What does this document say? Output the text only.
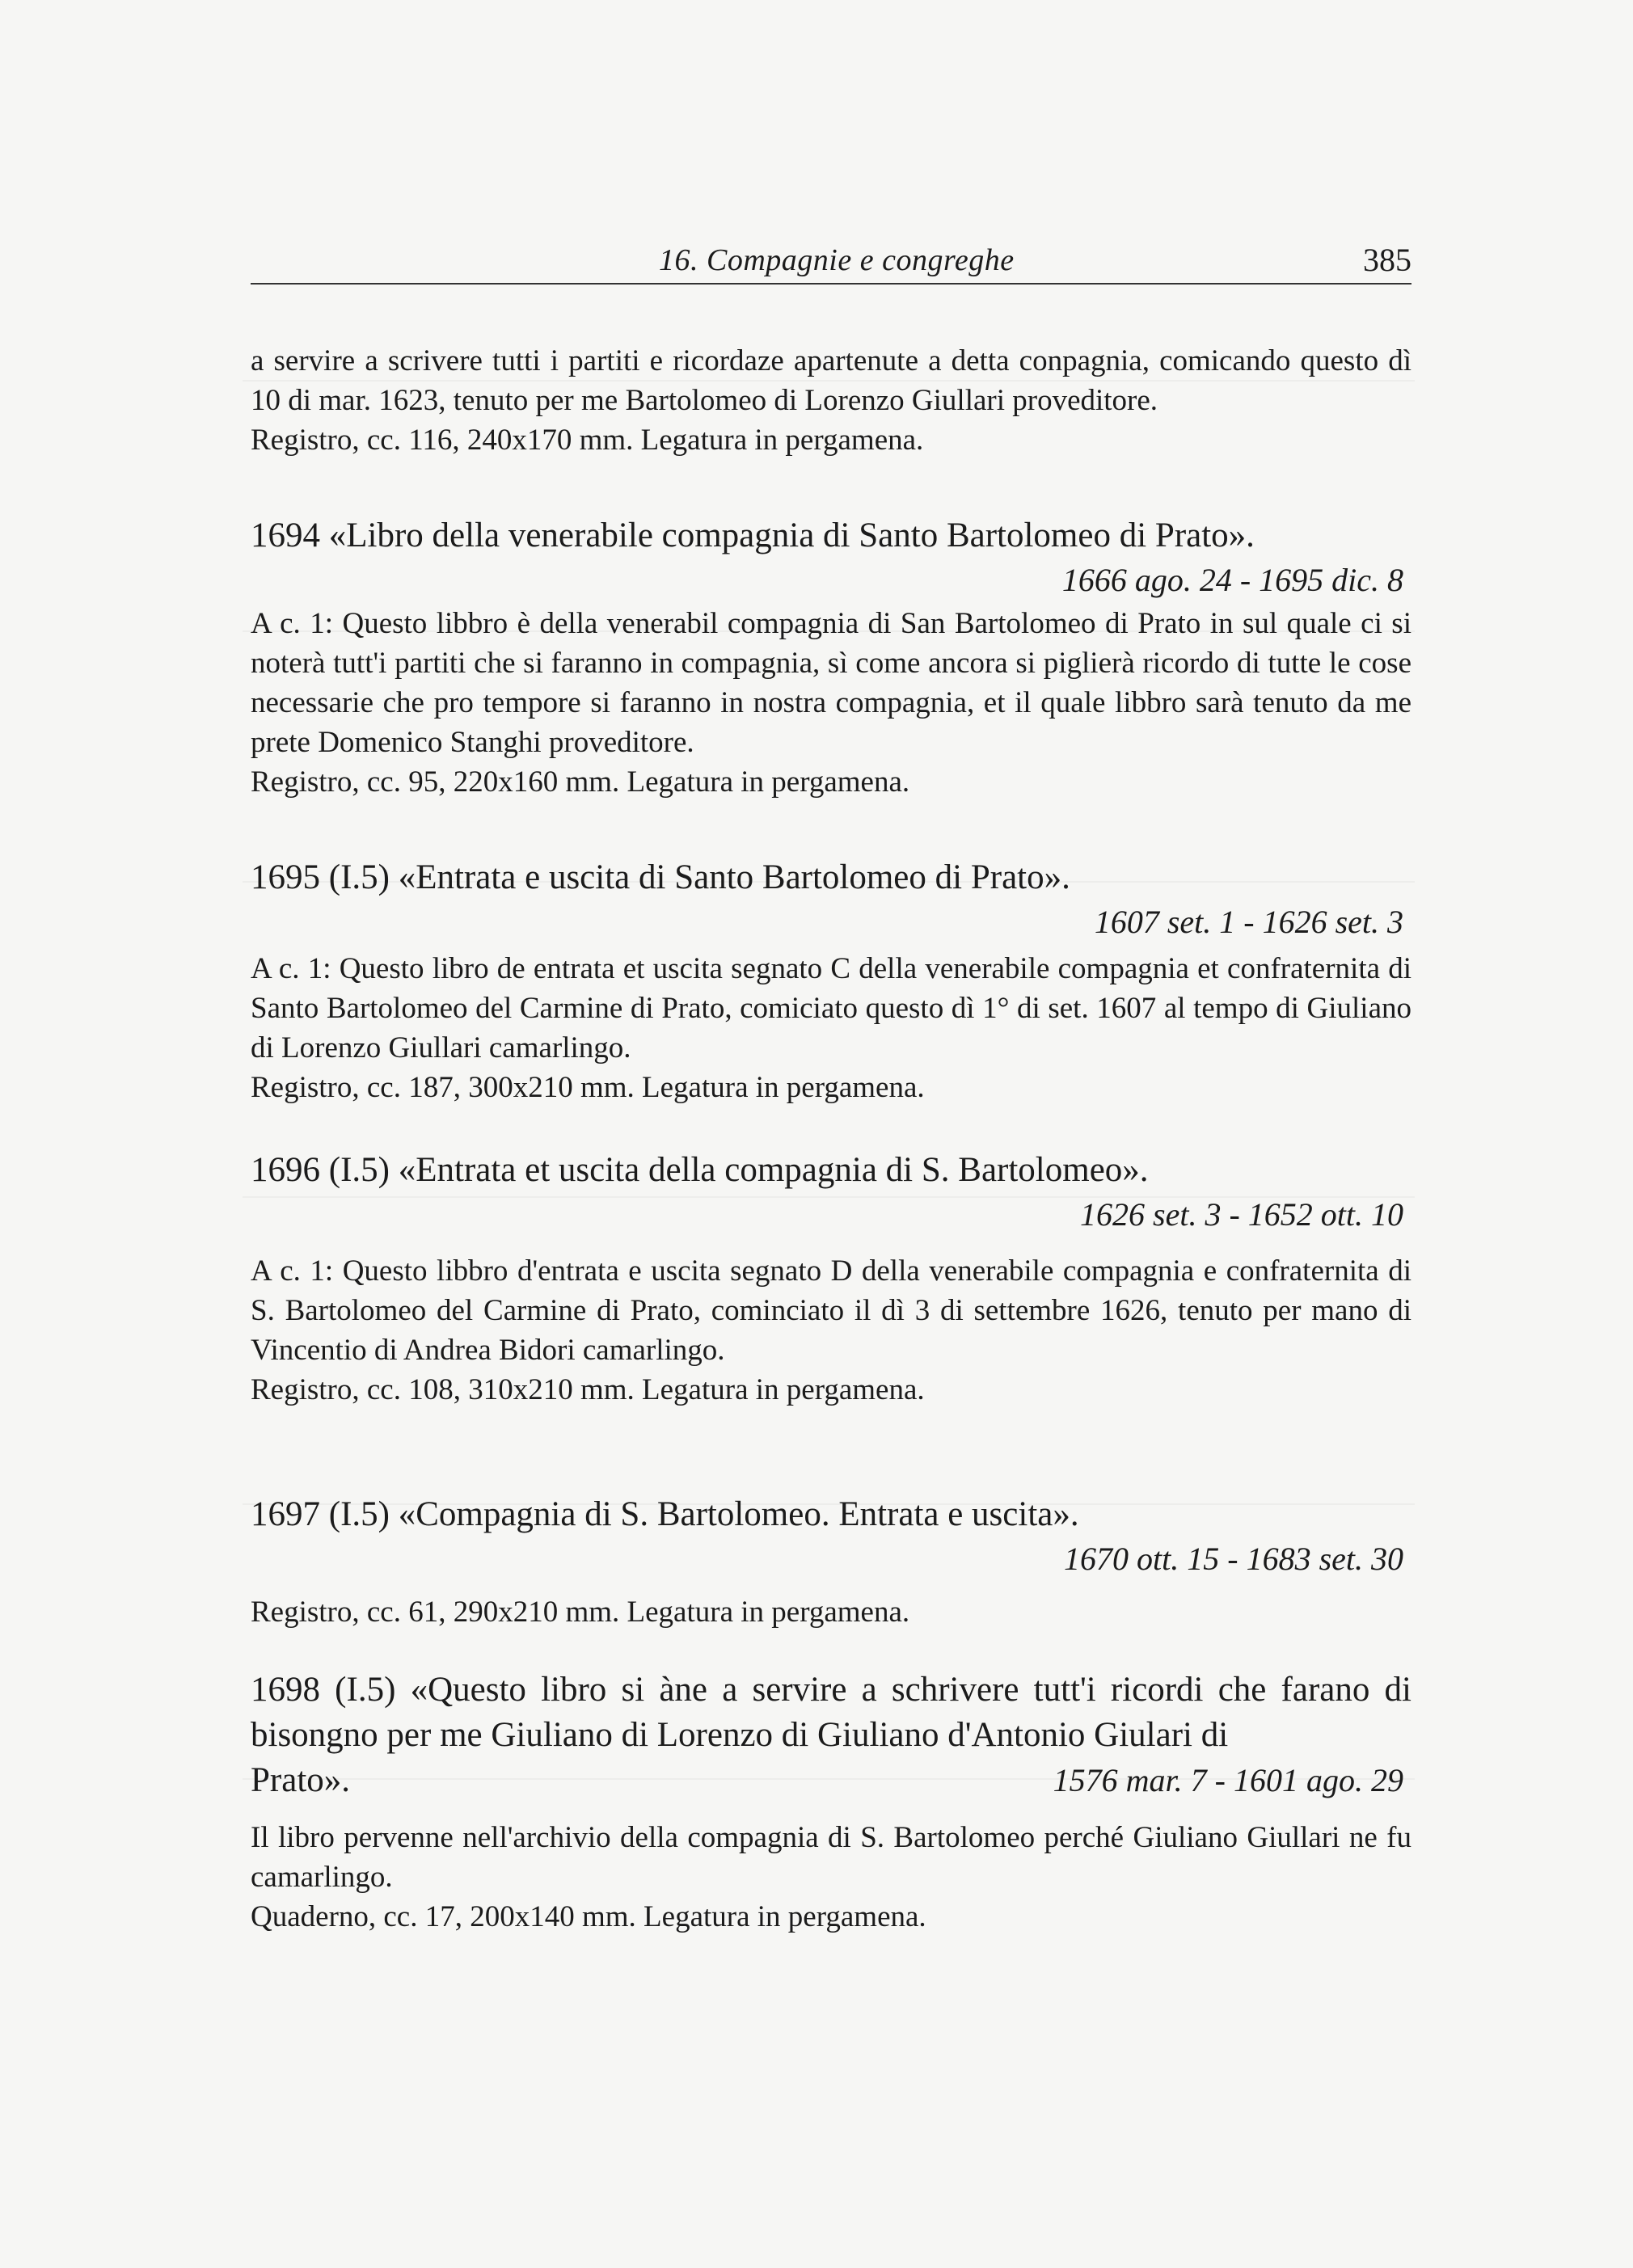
16. Compagnie e congreghe	385

a servire a scrivere tutti i partiti e ricordaze apartenute a detta conpagnia, comicando questo dì 10 di mar. 1623, tenuto per me Bartolomeo di Lorenzo Giullari proveditore.

Registro, cc. 116, 240x170 mm. Legatura in pergamena.

1694 «Libro della venerabile compagnia di Santo Bartolomeo di Prato».

1666 ago. 24 - 1695 dic. 8

A c. 1: Questo libbro è della venerabil compagnia di San Bartolomeo di Prato in sul quale ci si noterà tutt'i partiti che si faranno in compagnia, sì come ancora si piglierà ricordo di tutte le cose necessarie che pro tempore si faranno in nostra compagnia, et il quale libbro sarà tenuto da me prete Domenico Stanghi proveditore.

Registro, cc. 95, 220x160 mm. Legatura in pergamena.

1695 (I.5) «Entrata e uscita di Santo Bartolomeo di Prato».

1607 set. 1 - 1626 set. 3

A c. 1: Questo libro de entrata et uscita segnato C della venerabile compagnia et confraternita di Santo Bartolomeo del Carmine di Prato, comiciato questo dì 1° di set. 1607 al tempo di Giuliano di Lorenzo Giullari camarlingo.

Registro, cc. 187, 300x210 mm. Legatura in pergamena.

1696 (I.5) «Entrata et uscita della compagnia di S. Bartolomeo».

1626 set. 3 - 1652 ott. 10

A c. 1: Questo libbro d'entrata e uscita segnato D della venerabile compagnia e confraternita di S. Bartolomeo del Carmine di Prato, cominciato il dì 3 di settembre 1626, tenuto per mano di Vincentio di Andrea Bidori camarlingo.

Registro, cc. 108, 310x210 mm. Legatura in pergamena.

1697 (I.5) «Compagnia di S. Bartolomeo. Entrata e uscita».

1670 ott. 15 - 1683 set. 30

Registro, cc. 61, 290x210 mm. Legatura in pergamena.

1698 (I.5) «Questo libro si àne a servire a schrivere tutt'i ricordi che farano di bisongno per me Giuliano di Lorenzo di Giuliano d'Antonio Giulari di

Prato».	1576 mar. 7 - 1601 ago. 29

Il libro pervenne nell'archivio della compagnia di S. Bartolomeo perché Giuliano Giullari ne fu camarlingo.

Quaderno, cc. 17, 200x140 mm. Legatura in pergamena.
